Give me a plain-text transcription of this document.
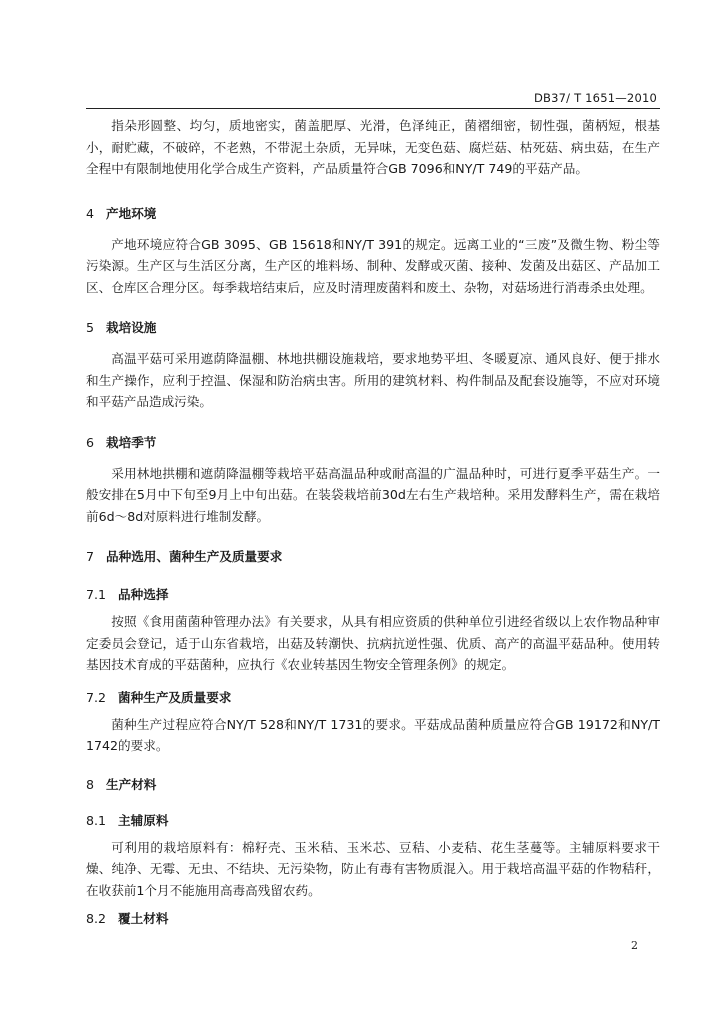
DB37/ T 1651—2010

指朵形圆整、均匀，质地密实，菌盖肥厚、光滑，色泽纯正，菌褶细密，韧性强，菌柄短，根基小，耐贮藏，不破碎，不老熟，不带泥土杂质，无异味，无变色菇、腐烂菇、枯死菇、病虫菇，在生产全程中有限制地使用化学合成生产资料，产品质量符合GB 7096和NY/T 749的平菇产品。

4 产地环境

产地环境应符合GB 3095、GB 15618和NY/T 391的规定。远离工业的“三废”及微生物、粉尘等污染源。生产区与生活区分离，生产区的堆料场、制种、发酵或灭菌、接种、发菌及出菇区、产品加工区、仓库区合理分区。每季栽培结束后，应及时清理废菌料和废土、杂物，对菇场进行消毒杀虫处理。

5 栽培设施

高温平菇可采用遮荫降温棚、林地拱棚设施栽培，要求地势平坦、冬暖夏凉、通风良好、便于排水和生产操作，应利于控温、保湿和防治病虫害。所用的建筑材料、构件制品及配套设施等，不应对环境和平菇产品造成污染。

6 栽培季节

采用林地拱棚和遮荫降温棚等栽培平菇高温品种或耐高温的广温品种时，可进行夏季平菇生产。一般安排在5月中下旬至9月上中旬出菇。在装袋栽培前30d左右生产栽培种。采用发酵料生产，需在栽培前6d～8d对原料进行堆制发酵。

7 品种选用、菌种生产及质量要求
7.1 品种选择

按照《食用菌菌种管理办法》有关要求，从具有相应资质的供种单位引进经省级以上农作物品种审定委员会登记，适于山东省栽培，出菇及转潮快、抗病抗逆性强、优质、高产的高温平菇品种。使用转基因技术育成的平菇菌种，应执行《农业转基因生物安全管理条例》的规定。

7.2 菌种生产及质量要求

菌种生产过程应符合NY/T 528和NY/T 1731的要求。平菇成品菌种质量应符合GB 19172和NY/T 1742的要求。

8 生产材料
8.1 主辅原料

可利用的栽培原料有：棉籽壳、玉米秸、玉米芯、豆秸、小麦秸、花生茎蔓等。主辅原料要求干燥、纯净、无霉、无虫、不结块、无污染物，防止有毒有害物质混入。用于栽培高温平菇的作物秸秆，在收获前1个月不能施用高毒高残留农药。

8.2 覆土材料
2
